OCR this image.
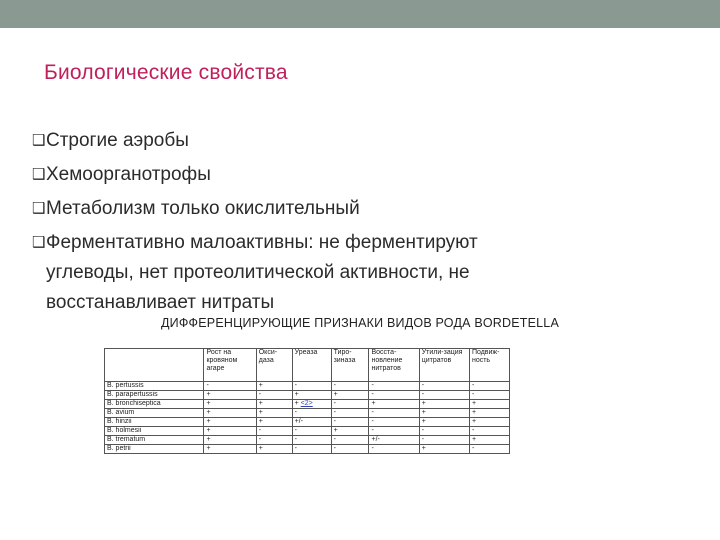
Биологические свойства
❑ Строгие аэробы
❑ Хемоорганотрофы
❑ Метаболизм только окислительный
❑ Ферментативно малоактивны: не ферментируют
углеводы, нет протеолитической активности, не
восстанавливает нитраты
ДИФФЕРЕНЦИРУЮЩИЕ ПРИЗНАКИ ВИДОВ РОДА BORDETELLA
	Рост на кровяном агаре	Окси-даза	Уреаза	Тиро-зиназа	Восста-новление нитратов	Утили-зация цитратов	Подвиж-ность
B. pertussis	-	+	-	-	-	-	-
B. parapertussis	+	-	+	+	-	-	-
B. bronchiseptica	+	+	+ <2>	-	+	+	+
B. avium	+	+	-	-	-	+	+
B. hinzii	+	+	+/-	-	-	+	+
B. holmesii	+	-	-	+	-	-	-
B. trematum	+	-	-	-	+/-	-	+
B. petrii	+	+	-	-	-	+	-
